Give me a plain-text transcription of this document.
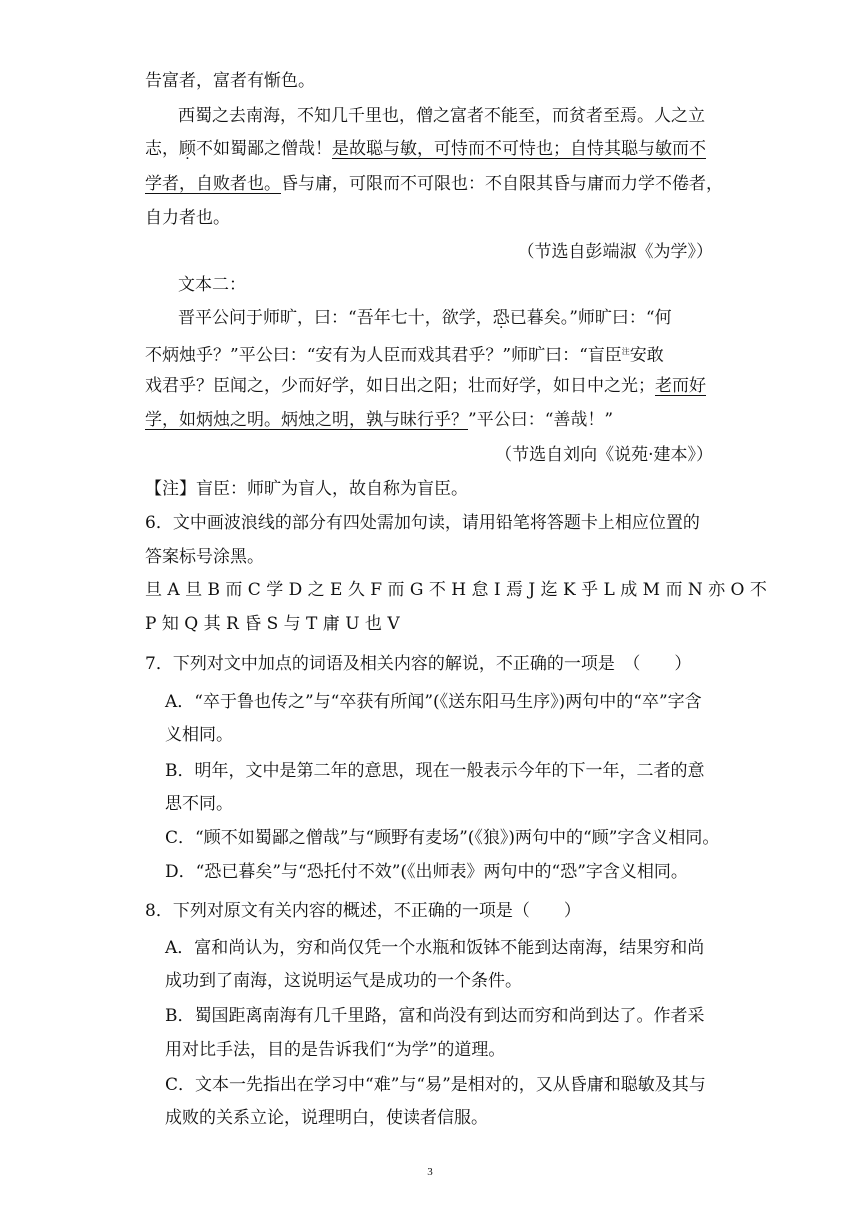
告富者，富者有惭色。
西蜀之去南海，不知几千里也，僧之富者不能至，而贫者至焉。人之立
志，顾不如蜀鄙之僧哉！是故聪与敏，可恃而不可恃也；自恃其聪与敏而不
学者，自败者也。昏与庸，可限而不可限也：不自限其昏与庸而力学不倦者，
自力者也。
（节选自彭端淑《为学》）
文本二：
晋平公问于师旷，曰：“吾年七十，欲学，恐已暮矣。”师旷曰：“何
不炳烛乎？”平公曰：“安有为人臣而戏其君乎？”师旷曰：“盲臣$^注$安敢
戏君乎？臣闻之，少而好学，如日出之阳；壮而好学，如日中之光；老而好
学，如炳烛之明。炳烛之明，孰与昧行乎？”平公曰：“善哉！”
（节选自刘向《说苑·建本》）
【注】盲臣：师旷为盲人，故自称为盲臣。
6．文中画波浪线的部分有四处需加句读，请用铅笔将答题卡上相应位置的
答案标号涂黑。
旦 A 旦 B 而 C 学 D 之 E 久 F 而 G 不 H 怠 I 焉 J 迄 K 乎 L 成 M 而 N 亦 O 不
P 知 Q 其 R 昏 S 与 T 庸 U 也 V
7．下列对文中加点的词语及相关内容的解说，不正确的一项是　（　　）
A．“卒于鲁也传之”与“卒获有所闻”(《送东阳马生序》)两句中的“卒”字含
义相同。
B．明年，文中是第二年的意思，现在一般表示今年的下一年，二者的意
思不同。
C．“顾不如蜀鄙之僧哉”与“顾野有麦场”(《狼》)两句中的“顾”字含义相同。
D．“恐已暮矣”与“恐托付不效”(《出师表》两句中的“恐”字含义相同。
8．下列对原文有关内容的概述，不正确的一项是（　　）
A．富和尚认为，穷和尚仅凭一个水瓶和饭钵不能到达南海，结果穷和尚
成功到了南海，这说明运气是成功的一个条件。
B．蜀国距离南海有几千里路，富和尚没有到达而穷和尚到达了。作者采
用对比手法，目的是告诉我们“为学”的道理。
C．文本一先指出在学习中“难”与“易”是相对的，又从昏庸和聪敏及其与
成败的关系立论，说理明白，使读者信服。
3
